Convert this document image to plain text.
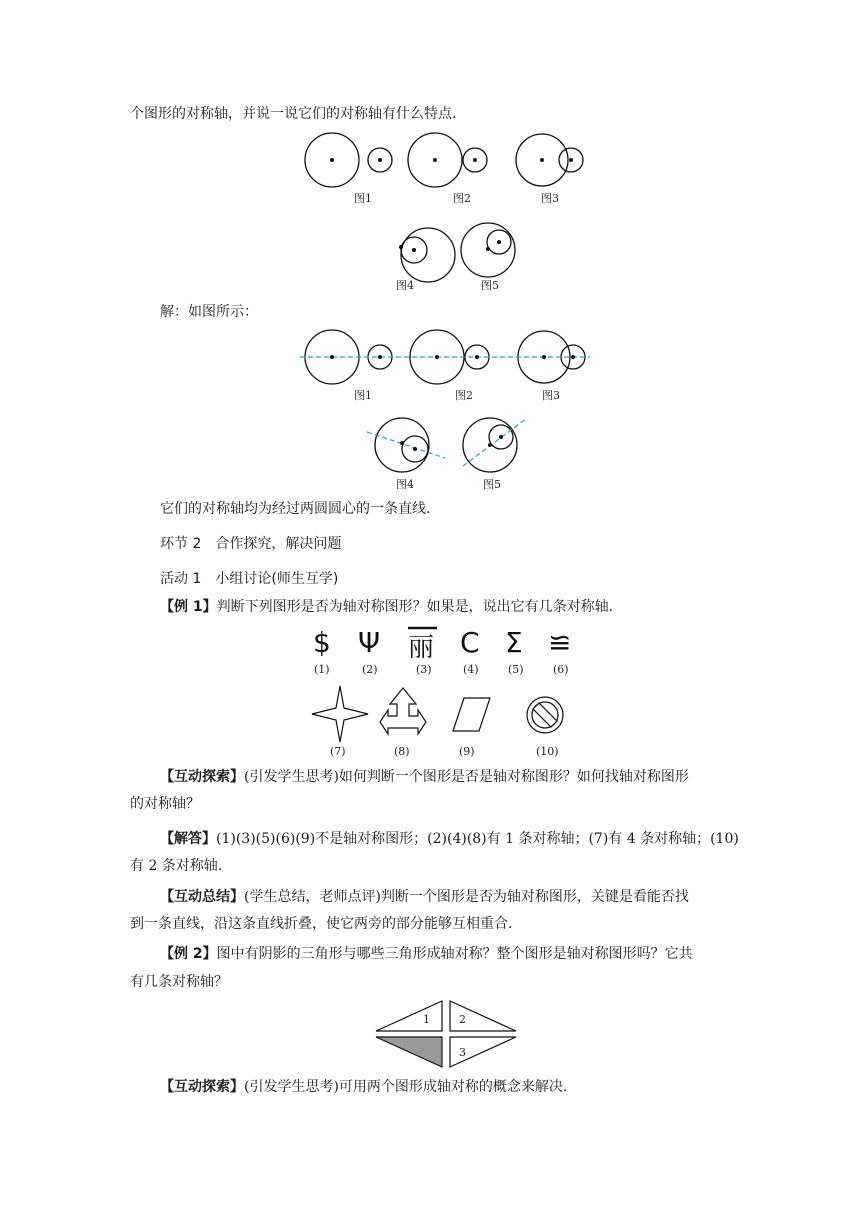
个图形的对称轴，并说一说它们的对称轴有什么特点.
图1	图2	图3
图4	图5
解：如图所示：
图1	图2	图3
图4	图5
它们的对称轴均为经过两圆圆心的一条直线.
环节 2　合作探究，解决问题
活动 1　小组讨论(师生互学)
【例 1】判断下列图形是否为轴对称图形？如果是，说出它有几条对称轴.
$ Ψ 丽 C Σ ≌
(1)	(2)	(3)	(4)	(5)	(6)
(7)	(8)	(9)	(10)
【互动探索】(引发学生思考)如何判断一个图形是否是轴对称图形？如何找轴对称图形
的对称轴？
【解答】(1)(3)(5)(6)(9)不是轴对称图形；(2)(4)(8)有 1 条对称轴；(7)有 4 条对称轴；(10)
有 2 条对称轴.
【互动总结】(学生总结，老师点评)判断一个图形是否为轴对称图形，关键是看能否找
到一条直线，沿这条直线折叠，使它两旁的部分能够互相重合.
【例 2】图中有阴影的三角形与哪些三角形成轴对称？整个图形是轴对称图形吗？它共
有几条对称轴？
1	2
3
【互动探索】(引发学生思考)可用两个图形成轴对称的概念来解决.
